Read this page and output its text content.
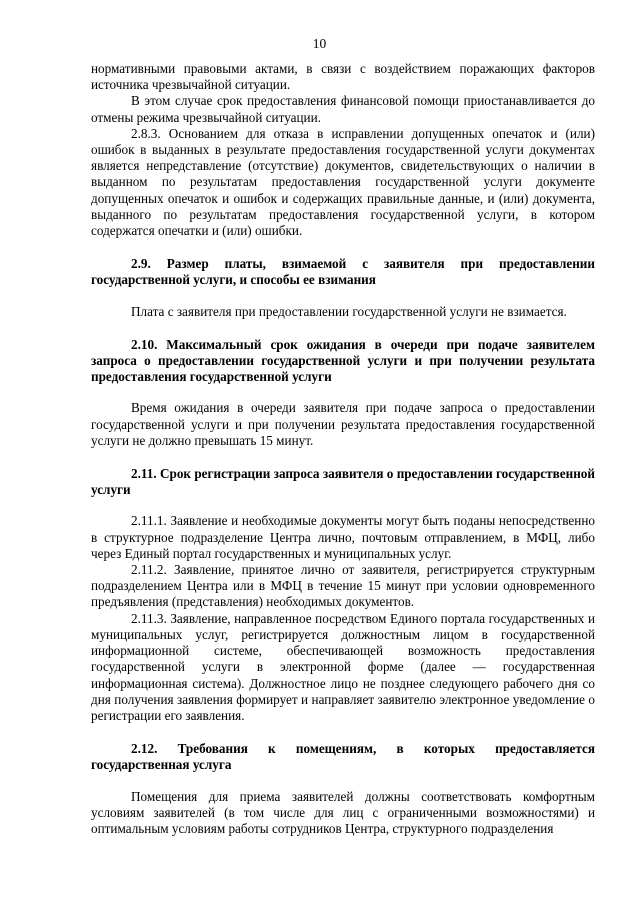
10

нормативными правовыми актами, в связи с воздействием поражающих факторов источника чрезвычайной ситуации.

В этом случае срок предоставления финансовой помощи приостанавливается до отмены режима чрезвычайной ситуации.

2.8.3. Основанием для отказа в исправлении допущенных опечаток и (или) ошибок в выданных в результате предоставления государственной услуги документах является непредставление (отсутствие) документов, свидетельствующих о наличии в выданном по результатам предоставления государственной услуги документе допущенных опечаток и ошибок и содержащих правильные данные, и (или) документа, выданного по результатам предоставления государственной услуги, в котором содержатся опечатки и (или) ошибки.

2.9. Размер платы, взимаемой с заявителя при предоставлении государственной услуги, и способы ее взимания

Плата с заявителя при предоставлении государственной услуги не взимается.

2.10. Максимальный срок ожидания в очереди при подаче заявителем запроса о предоставлении государственной услуги и при получении результата предоставления государственной услуги

Время ожидания в очереди заявителя при подаче запроса о предоставлении государственной услуги и при получении результата предоставления государственной услуги не должно превышать 15 минут.

2.11. Срок регистрации запроса заявителя о предоставлении государственной услуги

2.11.1. Заявление и необходимые документы могут быть поданы непосредственно в структурное подразделение Центра лично, почтовым отправлением, в МФЦ, либо через Единый портал государственных и муниципальных услуг.

2.11.2. Заявление, принятое лично от заявителя, регистрируется структурным подразделением Центра или в МФЦ в течение 15 минут при условии одновременного предъявления (представления) необходимых документов.

2.11.3. Заявление, направленное посредством Единого портала государственных и муниципальных услуг, регистрируется должностным лицом в государственной информационной системе, обеспечивающей возможность предоставления государственной услуги в электронной форме (далее — государственная информационная система). Должностное лицо не позднее следующего рабочего дня со дня получения заявления формирует и направляет заявителю электронное уведомление о регистрации его заявления.

2.12. Требования к помещениям, в которых предоставляется государственная услуга

Помещения для приема заявителей должны соответствовать комфортным условиям заявителей (в том числе для лиц с ограниченными возможностями) и оптимальным условиям работы сотрудников Центра, структурного подразделения
